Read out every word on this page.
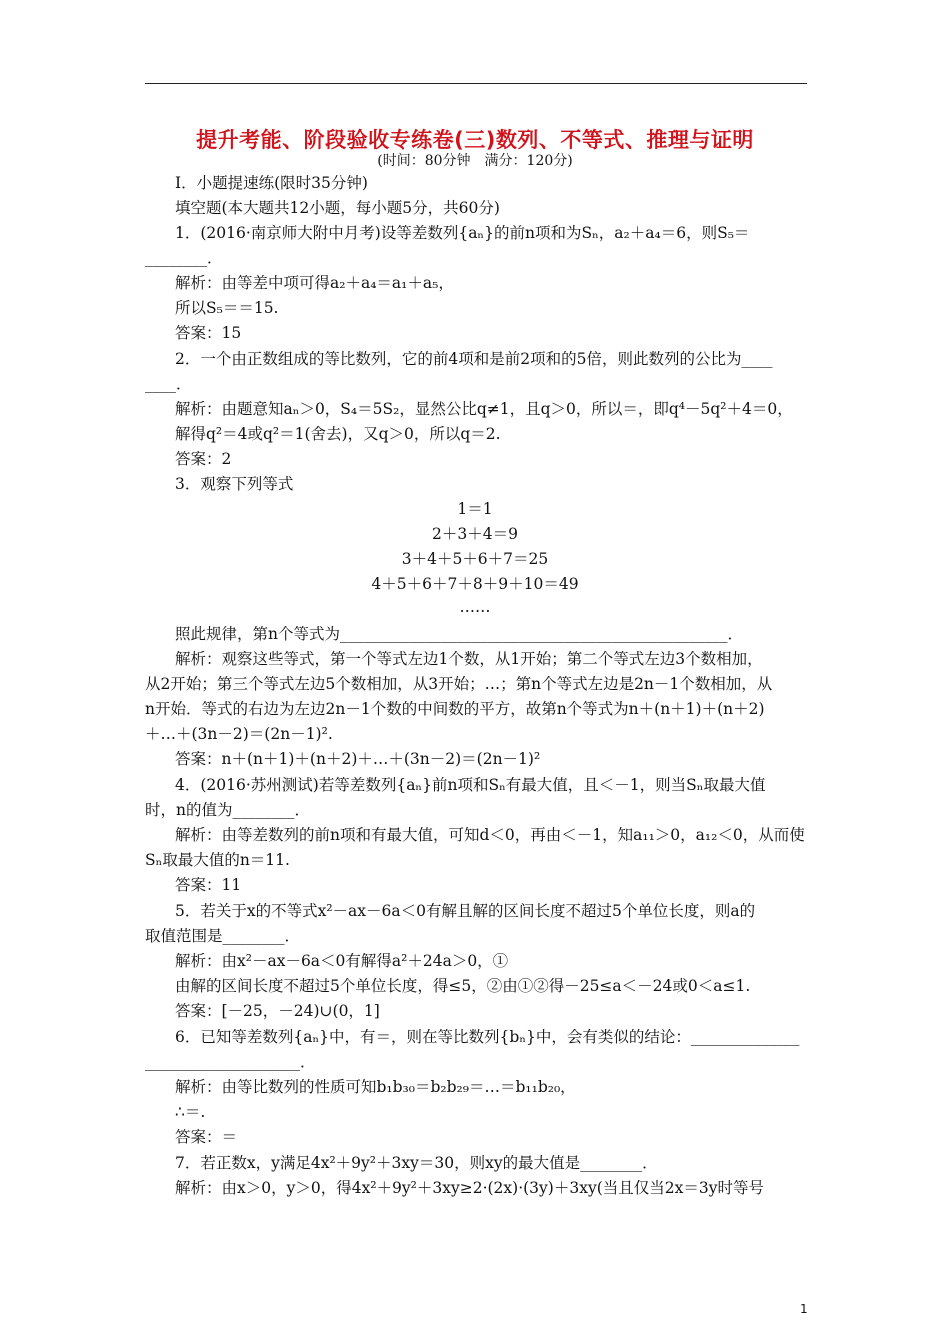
提升考能、阶段验收专练卷(三)数列、不等式、推理与证明
(时间：80分钟　满分：120分)
Ⅰ．小题提速练(限时35分钟)
填空题(本大题共12小题，每小题5分，共60分)
1．(2016·南京师大附中月考)设等差数列{aₙ}的前n项和为Sₙ，a₂＋a₄＝6，则S₅＝
________．
解析：由等差中项可得a₂＋a₄＝a₁＋a₅，
所以S₅＝＝15.
答案：15
2．一个由正数组成的等比数列，它的前4项和是前2项和的5倍，则此数列的公比为____
____．
解析：由题意知aₙ＞0，S₄＝5S₂，显然公比q≠1，且q＞0，所以＝，即q⁴－5q²＋4＝0，
解得q²＝4或q²＝1(舍去)，又q＞0，所以q＝2.
答案：2
3．观察下列等式
1＝1
2＋3＋4＝9
3＋4＋5＋6＋7＝25
4＋5＋6＋7＋8＋9＋10＝49
……
照此规律，第n个等式为__________________________________________________．
解析：观察这些等式，第一个等式左边1个数，从1开始；第二个等式左边3个数相加，
从2开始；第三个等式左边5个数相加，从3开始；…；第n个等式左边是2n－1个数相加，从
n开始．等式的右边为左边2n－1个数的中间数的平方，故第n个等式为n＋(n＋1)＋(n＋2)
＋…＋(3n－2)＝(2n－1)².
答案：n＋(n＋1)＋(n＋2)＋…＋(3n－2)＝(2n－1)²
4．(2016·苏州测试)若等差数列{aₙ}前n项和Sₙ有最大值，且＜－1，则当Sₙ取最大值
时，n的值为________．
解析：由等差数列的前n项和有最大值，可知d＜0，再由＜－1，知a₁₁＞0，a₁₂＜0，从而使
Sₙ取最大值的n＝11.
答案：11
5．若关于x的不等式x²－ax－6a＜0有解且解的区间长度不超过5个单位长度，则a的
取值范围是________．
解析：由x²－ax－6a＜0有解得a²＋24a＞0，①
由解的区间长度不超过5个单位长度，得≤5，②由①②得－25≤a＜－24或0＜a≤1.
答案：[－25，－24)∪(0，1]
6．已知等差数列{aₙ}中，有＝，则在等比数列{bₙ}中，会有类似的结论：______________
____________________．
解析：由等比数列的性质可知b₁b₃₀＝b₂b₂₉＝…＝b₁₁b₂₀，
∴＝.
答案：＝
7．若正数x，y满足4x²＋9y²＋3xy＝30，则xy的最大值是________．
解析：由x＞0，y＞0，得4x²＋9y²＋3xy≥2·(2x)·(3y)＋3xy(当且仅当2x＝3y时等号
1
